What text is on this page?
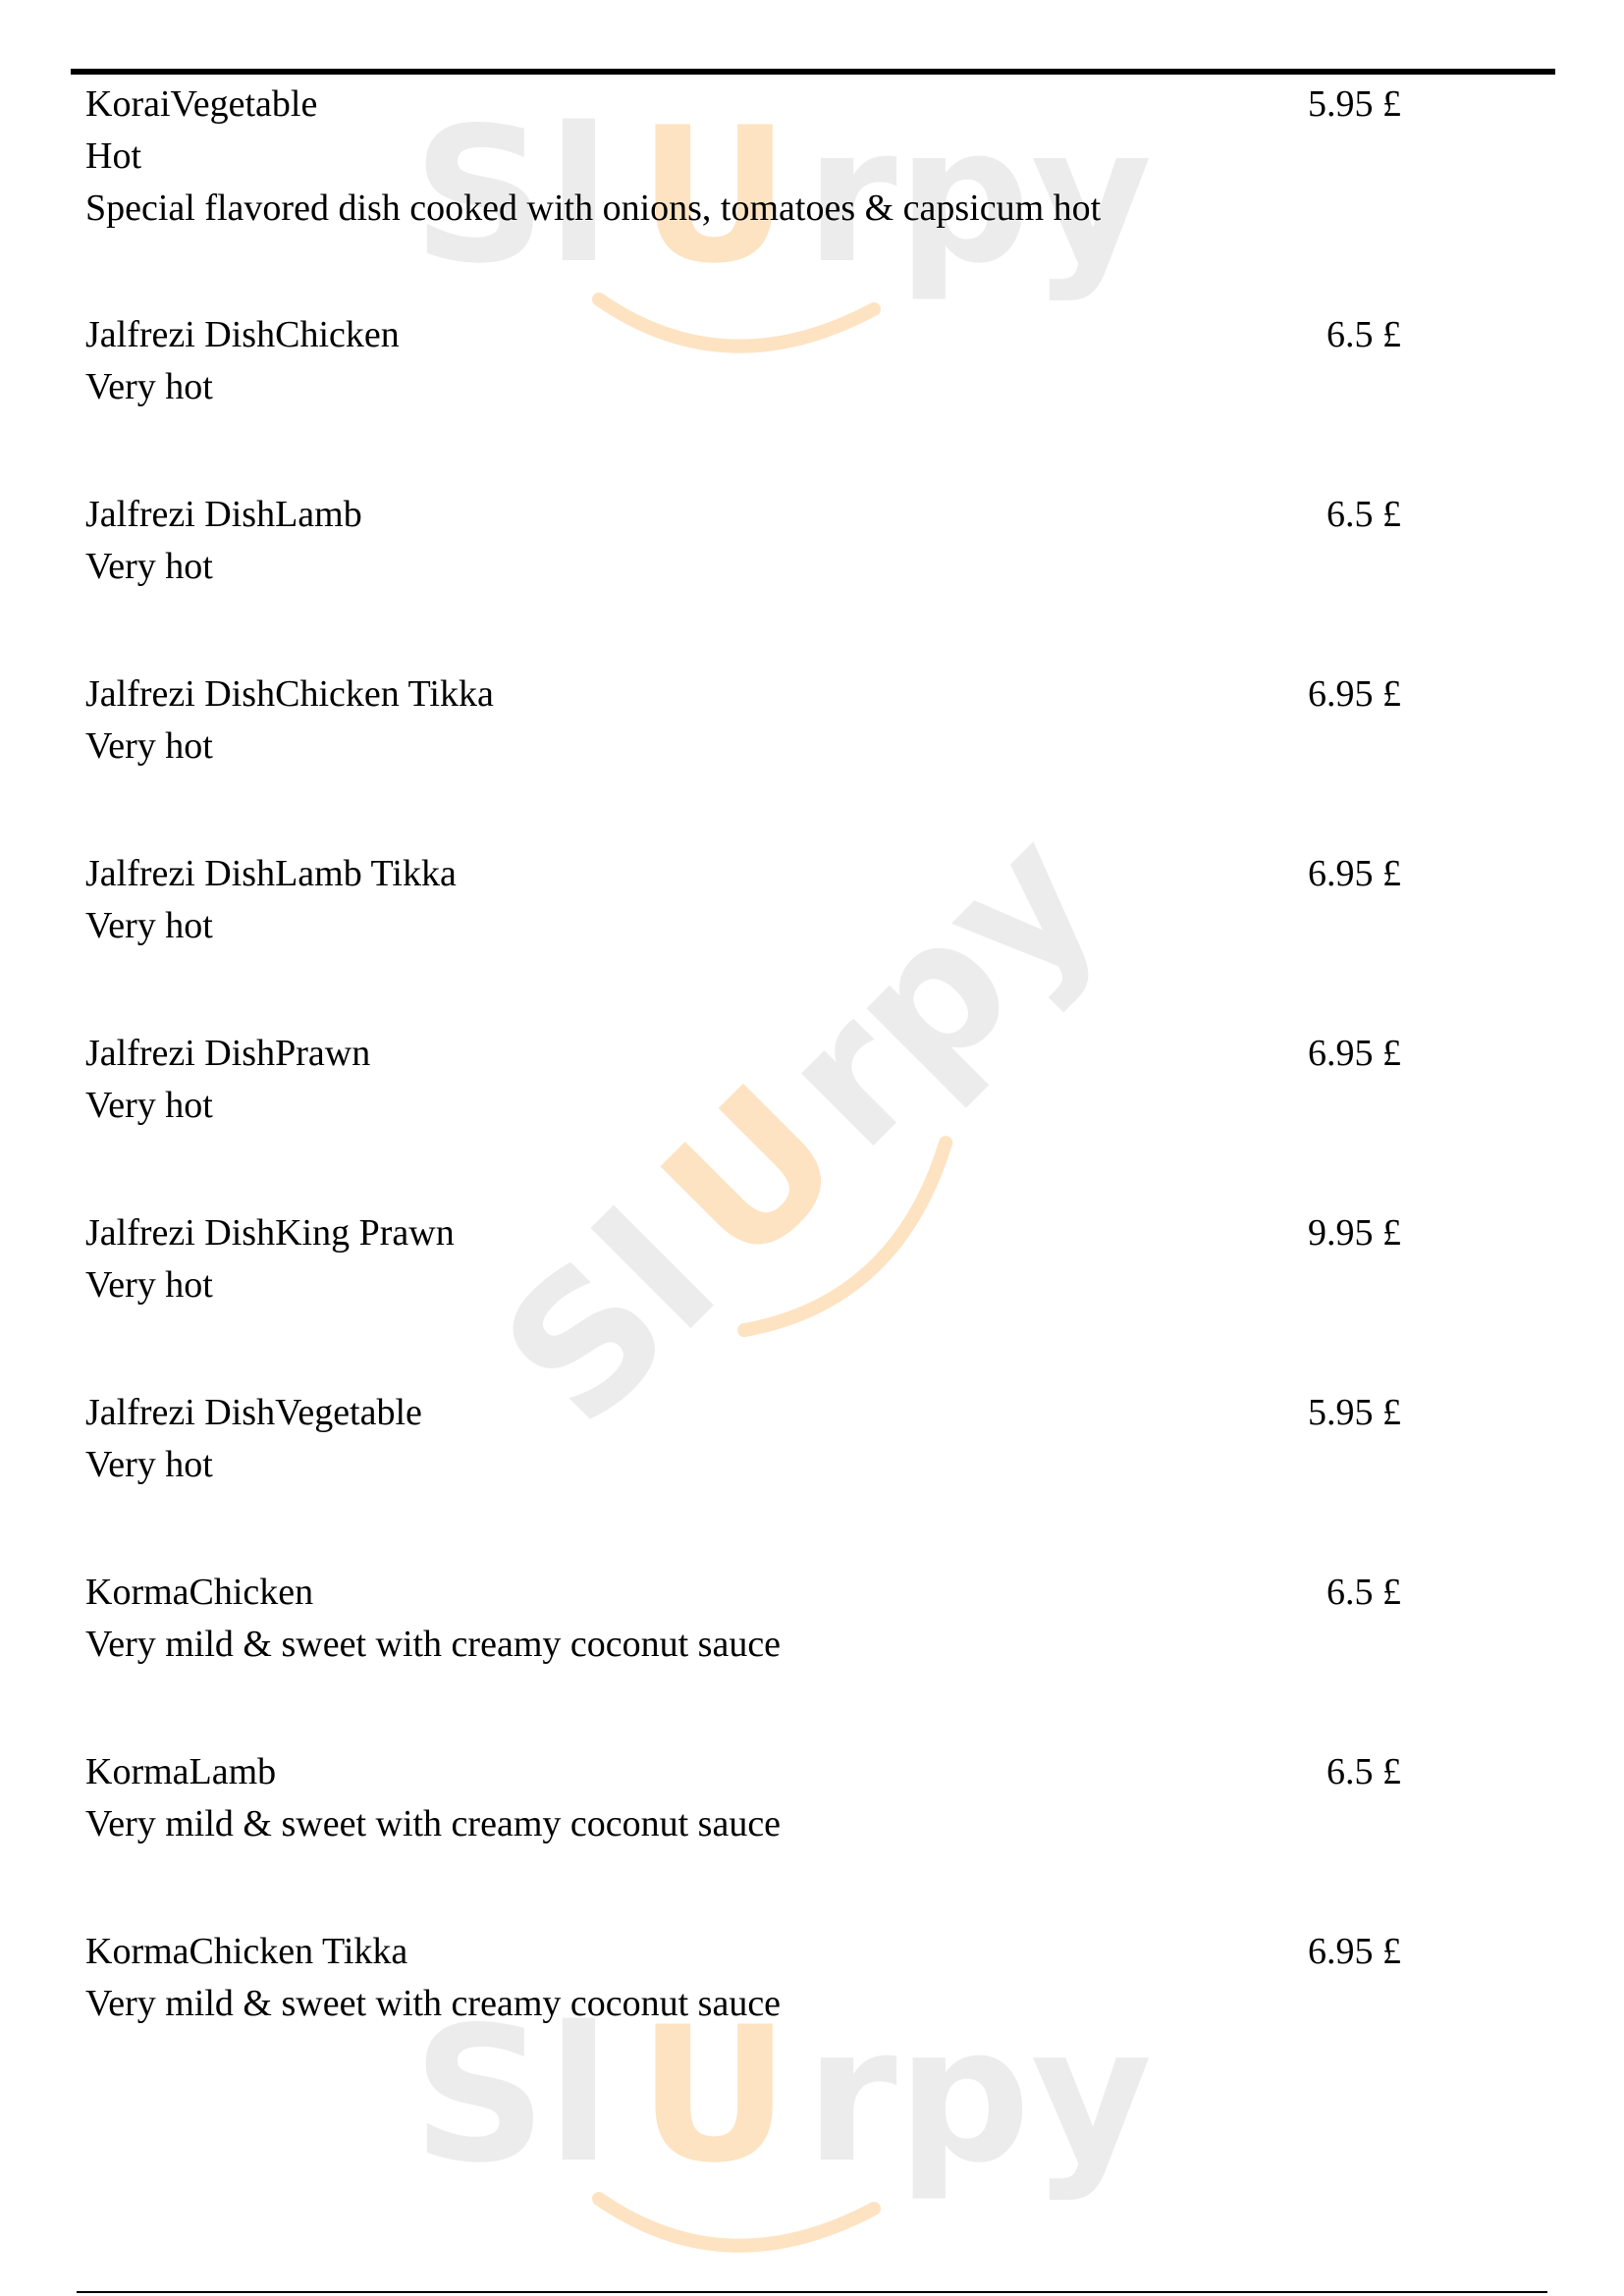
Sl U rpy
Sl
U
rpy
Sl U rpy
KoraiVegetable
Hot
Special flavored dish cooked with onions, tomatoes & capsicum hot
5.95 £
Jalfrezi DishChicken
Very hot
6.5 £
Jalfrezi DishLamb
Very hot
6.5 £
Jalfrezi DishChicken Tikka
Very hot
6.95 £
Jalfrezi DishLamb Tikka
Very hot
6.95 £
Jalfrezi DishPrawn
Very hot
6.95 £
Jalfrezi DishKing Prawn
Very hot
9.95 £
Jalfrezi DishVegetable
Very hot
5.95 £
KormaChicken
Very mild & sweet with creamy coconut sauce
6.5 £
KormaLamb
Very mild & sweet with creamy coconut sauce
6.5 £
KormaChicken Tikka
Very mild & sweet with creamy coconut sauce
6.95 £
